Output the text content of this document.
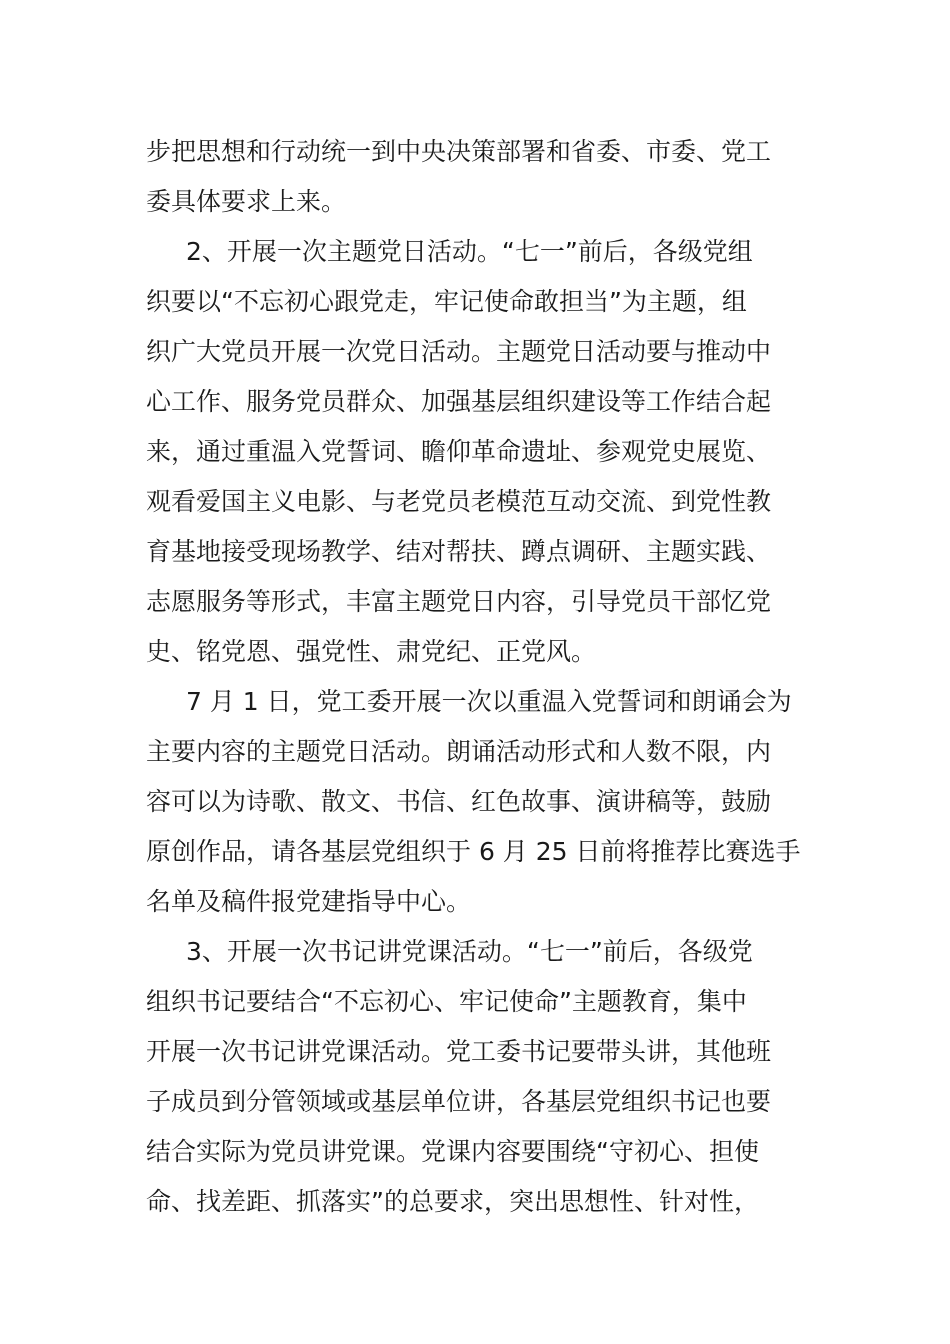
步把思想和行动统一到中央决策部署和省委、市委、党工
委具体要求上来。
2、开展一次主题党日活动。“七一”前后，各级党组
织要以“不忘初心跟党走，牢记使命敢担当”为主题，组
织广大党员开展一次党日活动。主题党日活动要与推动中
心工作、服务党员群众、加强基层组织建设等工作结合起
来，通过重温入党誓词、瞻仰革命遗址、参观党史展览、
观看爱国主义电影、与老党员老模范互动交流、到党性教
育基地接受现场教学、结对帮扶、蹲点调研、主题实践、
志愿服务等形式，丰富主题党日内容，引导党员干部忆党
史、铭党恩、强党性、肃党纪、正党风。
7 月 1 日，党工委开展一次以重温入党誓词和朗诵会为
主要内容的主题党日活动。朗诵活动形式和人数不限，内
容可以为诗歌、散文、书信、红色故事、演讲稿等，鼓励
原创作品，请各基层党组织于 6 月 25 日前将推荐比赛选手
名单及稿件报党建指导中心。
3、开展一次书记讲党课活动。“七一”前后，各级党
组织书记要结合“不忘初心、牢记使命”主题教育，集中
开展一次书记讲党课活动。党工委书记要带头讲，其他班
子成员到分管领域或基层单位讲，各基层党组织书记也要
结合实际为党员讲党课。党课内容要围绕“守初心、担使
命、找差距、抓落实”的总要求，突出思想性、针对性，
